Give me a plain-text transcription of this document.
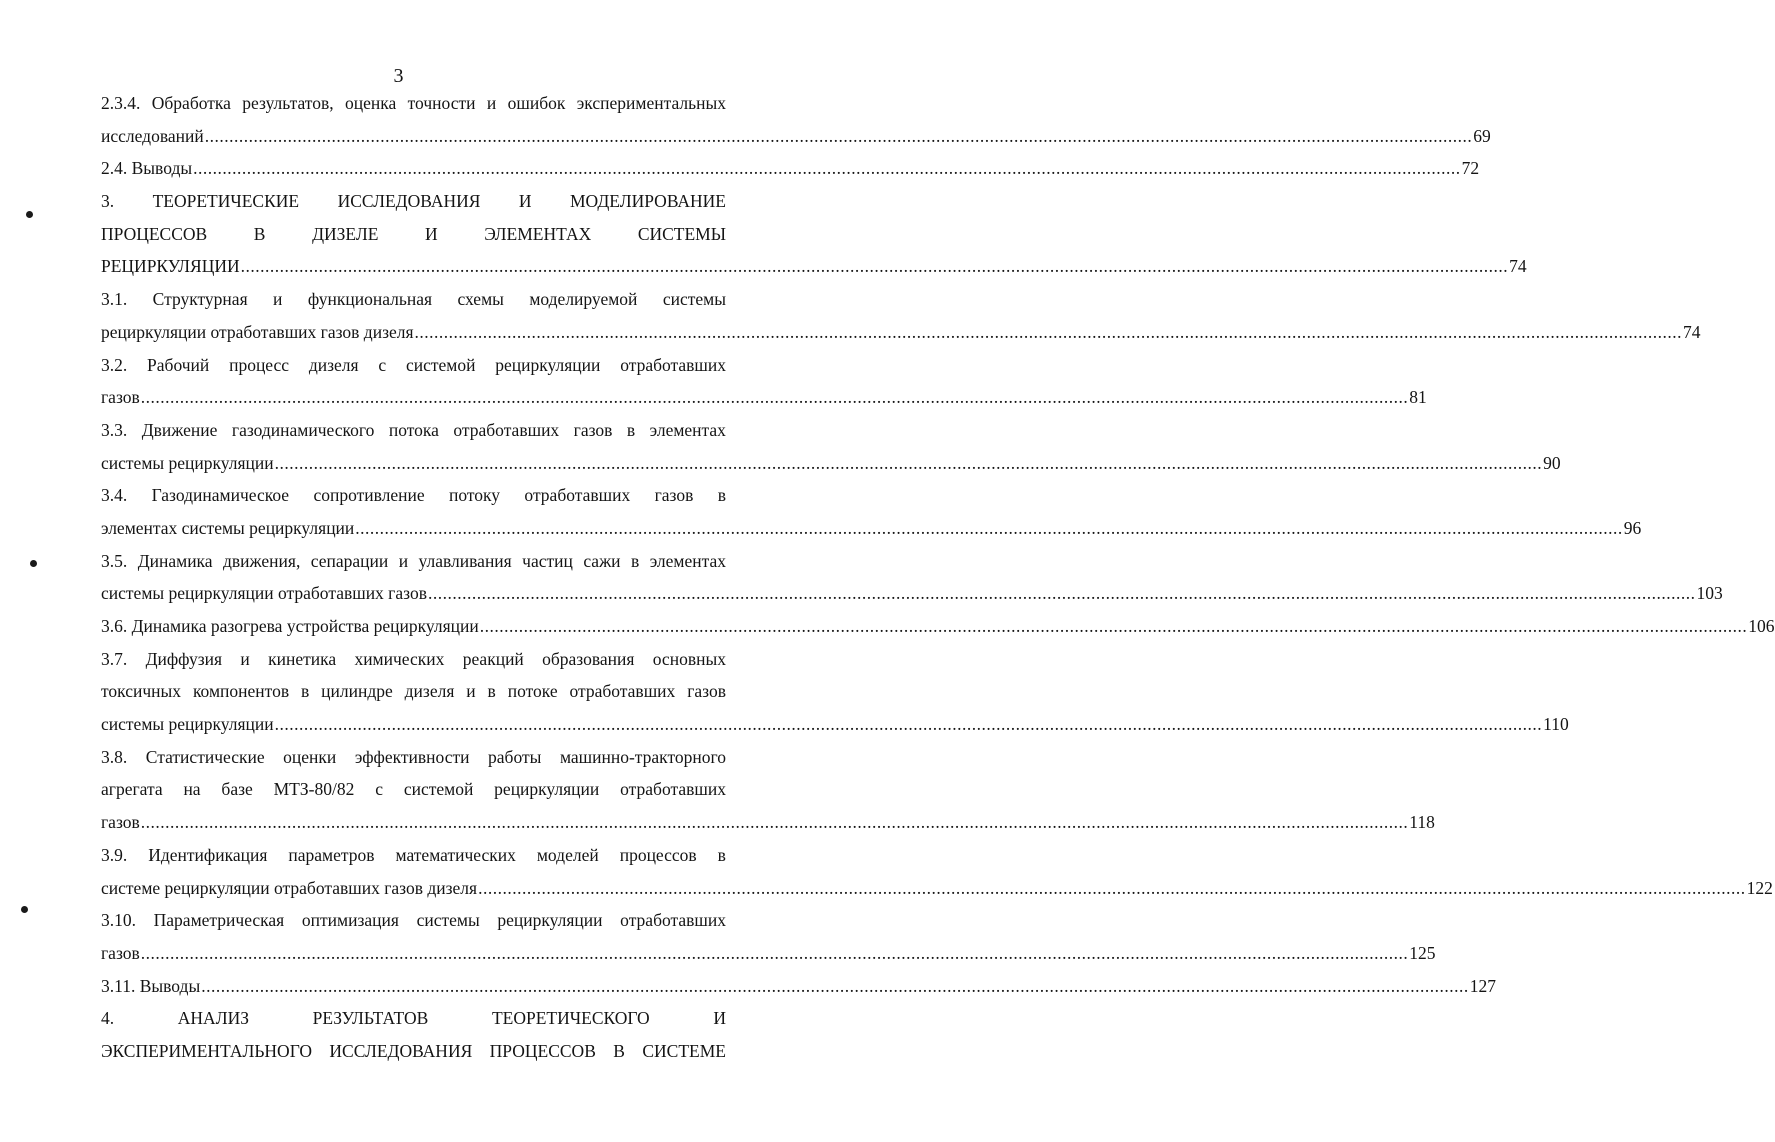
3
2.3.4. Обработка результатов, оценка точности и ошибок экспериментальных
исследований .................................................................................................................................................................................................................................................................... 69
2.4. Выводы .................................................................................................................................................................................................................................................................... 72
3. ТЕОРЕТИЧЕСКИЕ ИССЛЕДОВАНИЯ И МОДЕЛИРОВАНИЕ
ПРОЦЕССОВ	В	ДИЗЕЛЕ	И	ЭЛЕМЕНТАХ	СИСТЕМЫ
РЕЦИРКУЛЯЦИИ .................................................................................................................................................................................................................................................................... 74
3.1. Структурная и функциональная схемы моделируемой системы
рециркуляции отработавших газов дизеля .................................................................................................................................................................................................................................................................... 74
3.2. Рабочий процесс дизеля с системой рециркуляции отработавших
газов .................................................................................................................................................................................................................................................................... 81
3.3. Движение газодинамического потока отработавших газов в элементах
системы рециркуляции .................................................................................................................................................................................................................................................................... 90
3.4. Газодинамическое сопротивление потоку отработавших газов в
элементах системы рециркуляции .................................................................................................................................................................................................................................................................... 96
3.5. Динамика движения, сепарации и улавливания частиц сажи в элементах
системы рециркуляции отработавших газов .................................................................................................................................................................................................................................................................... 103
3.6. Динамика разогрева устройства рециркуляции .................................................................................................................................................................................................................................................................... 106
3.7. Диффузия и кинетика химических реакций образования основных
токсичных компонентов в цилиндре дизеля и в потоке отработавших газов
системы рециркуляции .................................................................................................................................................................................................................................................................... 110
3.8. Статистические оценки эффективности работы машинно-тракторного
агрегата на базе МТЗ-80/82 с системой рециркуляции отработавших
газов .................................................................................................................................................................................................................................................................... 118
3.9. Идентификация параметров математических моделей процессов в
системе рециркуляции отработавших газов дизеля .................................................................................................................................................................................................................................................................... 122
3.10. Параметрическая оптимизация системы рециркуляции отработавших
газов .................................................................................................................................................................................................................................................................... 125
3.11. Выводы .................................................................................................................................................................................................................................................................... 127
4.	АНАЛИЗ	РЕЗУЛЬТАТОВ	ТЕОРЕТИЧЕСКОГО	И
ЭКСПЕРИМЕНТАЛЬНОГО ИССЛЕДОВАНИЯ ПРОЦЕССОВ В СИСТЕМЕ
